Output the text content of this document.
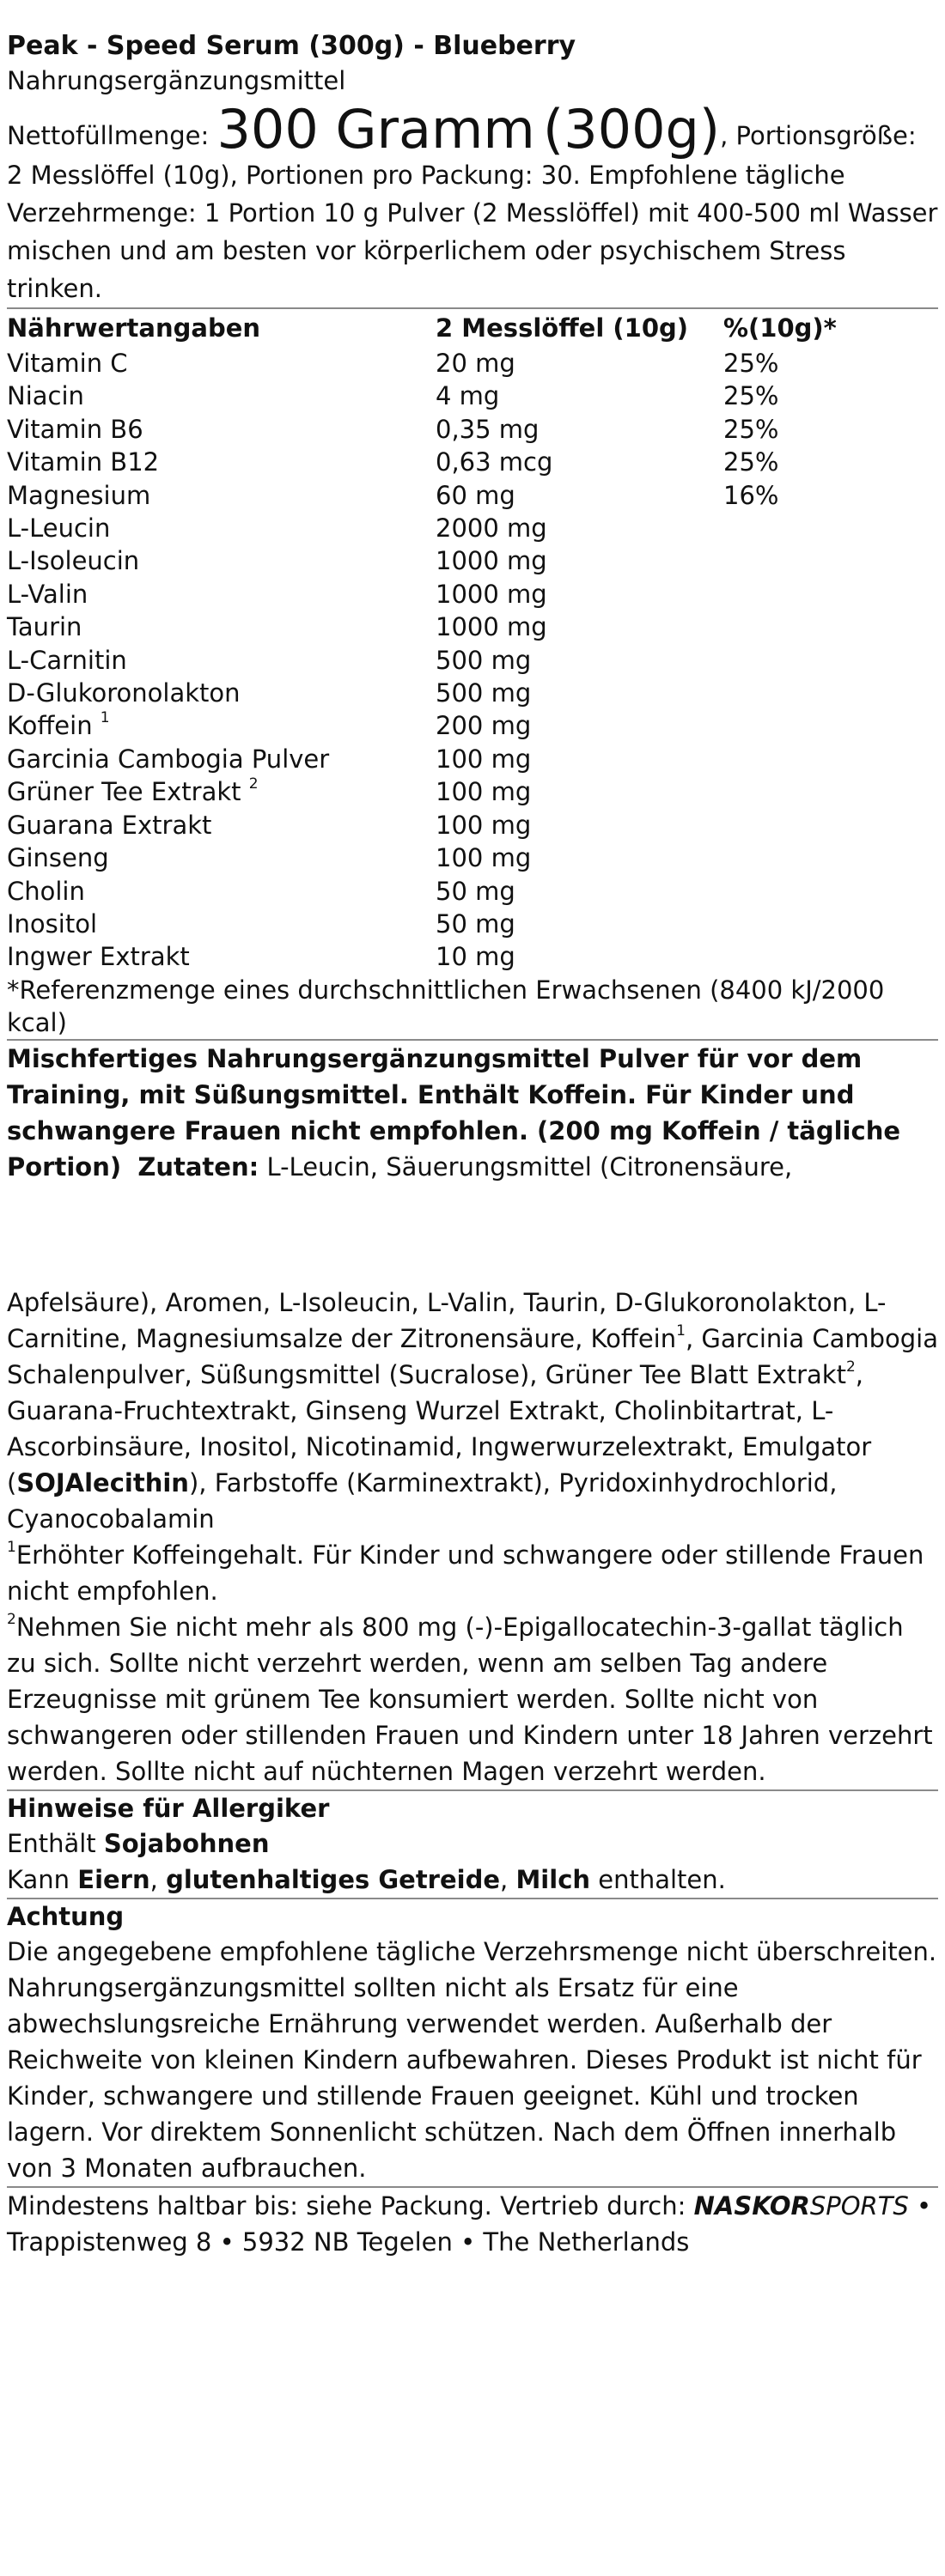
Peak - Speed Serum (300g) - Blueberry
Nahrungsergänzungsmittel
Nettofüllmenge: 300 Gramm (300g), Portionsgröße: 2 Messlöffel (10g), Portionen pro Packung: 30. Empfohlene tägliche Verzehrmenge: 1 Portion 10 g Pulver (2 Messlöffel) mit 400-500 ml Wasser mischen und am besten vor körperlichem oder psychischem Stress trinken.
Nährwertangaben	2 Messlöffel (10g)	%(10g)*
Vitamin C	20 mg	25%
Niacin	4 mg	25%
Vitamin B6	0,35 mg	25%
Vitamin B12	0,63 mcg	25%
Magnesium	60 mg	16%
L-Leucin	2000 mg	
L-Isoleucin	1000 mg	
L-Valin	1000 mg	
Taurin	1000 mg	
L-Carnitin	500 mg	
D-Glukoronolakton	500 mg	
Koffein $^1$	200 mg	
Garcinia Cambogia Pulver	100 mg	
Grüner Tee Extrakt $^2$	100 mg	
Guarana Extrakt	100 mg	
Ginseng	100 mg	
Cholin	50 mg	
Inositol	50 mg	
Ingwer Extrakt	10 mg	
*Referenzmenge eines durchschnittlichen Erwachsenen (8400 kJ/2000 kcal)
Mischfertiges Nahrungsergänzungsmittel Pulver für vor dem Training, mit Süßungsmittel. Enthält Koffein. Für Kinder und schwangere Frauen nicht empfohlen. (200 mg Koffein / tägliche Portion) Zutaten: L-Leucin, Säuerungsmittel (Citronensäure,
Apfelsäure), Aromen, L-Isoleucin, L-Valin, Taurin, D-Glukoronolakton, L-Carnitine, Magnesiumsalze der Zitronensäure, Koffein$^1$, Garcinia Cambogia Schalenpulver, Süßungsmittel (Sucralose), Grüner Tee Blatt Extrakt$^2$, Guarana-Fruchtextrakt, Ginseng Wurzel Extrakt, Cholinbitartrat, L-Ascorbinsäure, Inositol, Nicotinamid, Ingwerwurzelextrakt, Emulgator (SOJAlecithin), Farbstoffe (Karminextrakt), Pyridoxinhydrochlorid, Cyanocobalamin
$^1$Erhöhter Koffeingehalt. Für Kinder und schwangere oder stillende Frauen nicht empfohlen.
$^2$Nehmen Sie nicht mehr als 800 mg (-)-Epigallocatechin-3-gallat täglich zu sich. Sollte nicht verzehrt werden, wenn am selben Tag andere Erzeugnisse mit grünem Tee konsumiert werden. Sollte nicht von schwangeren oder stillenden Frauen und Kindern unter 18 Jahren verzehrt werden. Sollte nicht auf nüchternen Magen verzehrt werden.
Hinweise für Allergiker
Enthält Sojabohnen
Kann Eiern, glutenhaltiges Getreide, Milch enthalten.
Achtung
Die angegebene empfohlene tägliche Verzehrsmenge nicht überschreiten. Nahrungsergänzungsmittel sollten nicht als Ersatz für eine abwechslungsreiche Ernährung verwendet werden. Außerhalb der Reichweite von kleinen Kindern aufbewahren. Dieses Produkt ist nicht für Kinder, schwangere und stillende Frauen geeignet. Kühl und trocken lagern. Vor direktem Sonnenlicht schützen. Nach dem Öffnen innerhalb von 3 Monaten aufbrauchen.
Mindestens haltbar bis: siehe Packung. Vertrieb durch: NASKORSPORTS • Trappistenweg 8 • 5932 NB Tegelen • The Netherlands
